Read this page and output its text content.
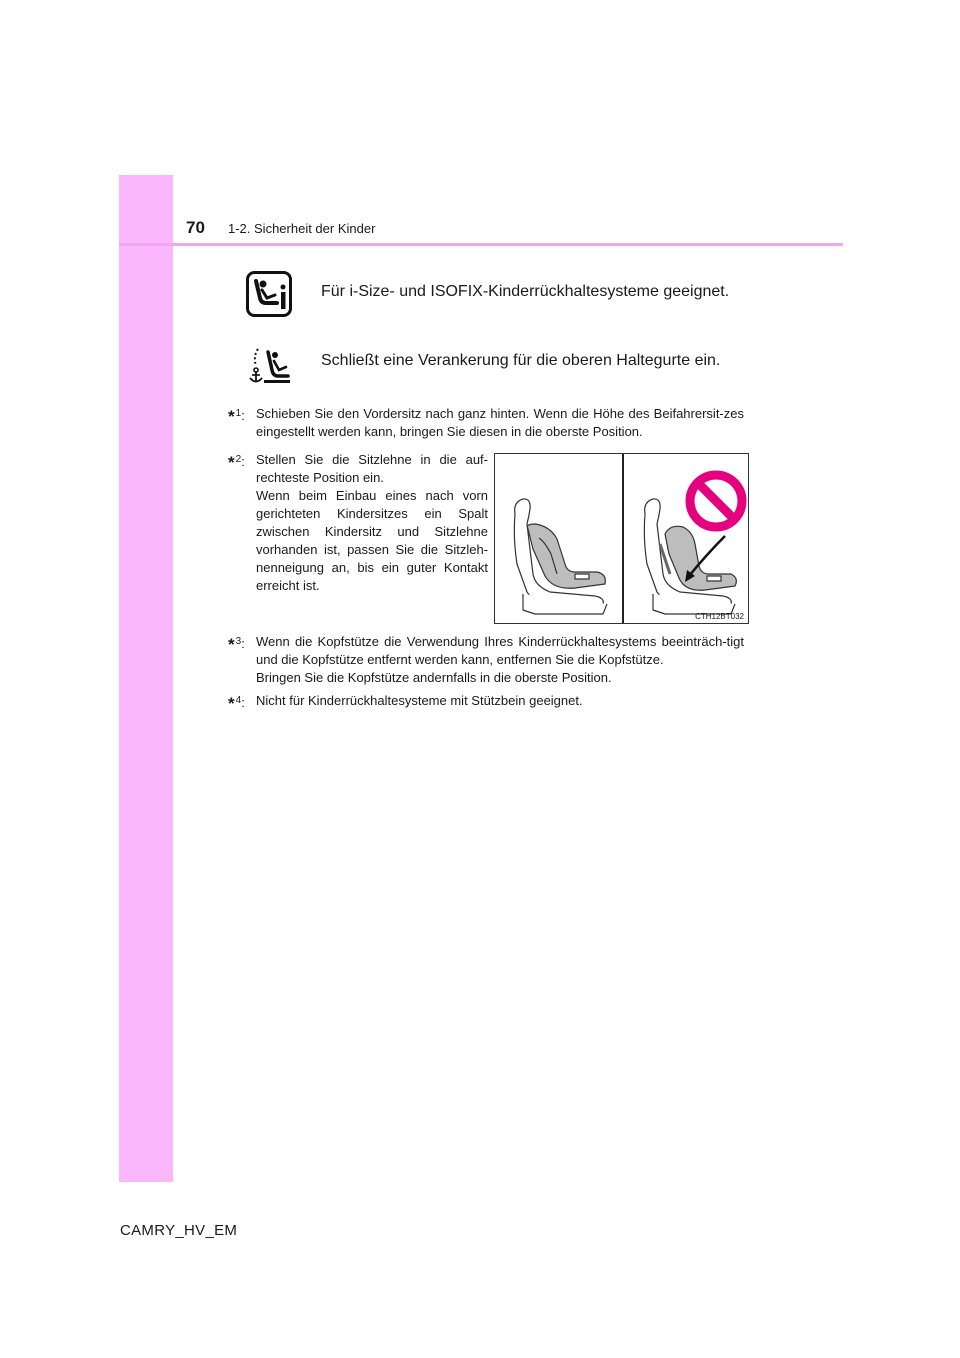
70 1-2. Sicherheit der Kinder
Für i-Size- und ISOFIX-Kinderrückhaltesysteme geeignet.
Schließt eine Verankerung für die oberen Haltegurte ein.
*$^1$: Schieben Sie den Vordersitz nach ganz hinten. Wenn die Höhe des Beifahrersit-zes eingestellt werden kann, bringen Sie diesen in die oberste Position.
*$^2$: Stellen Sie die Sitzlehne in die auf-rechteste Position ein.
Wenn beim Einbau eines nach vorn gerichteten Kindersitzes ein Spalt zwischen Kindersitz und Sitzlehne vorhanden ist, passen Sie die Sitzleh-nenneigung an, bis ein guter Kontakt erreicht ist.
CTH12BT032
*$^3$: Wenn die Kopfstütze die Verwendung Ihres Kinderrückhaltesystems beeinträch-tigt und die Kopfstütze entfernt werden kann, entfernen Sie die Kopfstütze.
Bringen Sie die Kopfstütze andernfalls in die oberste Position.
*$^4$: Nicht für Kinderrückhaltesysteme mit Stützbein geeignet.
CAMRY_HV_EM
